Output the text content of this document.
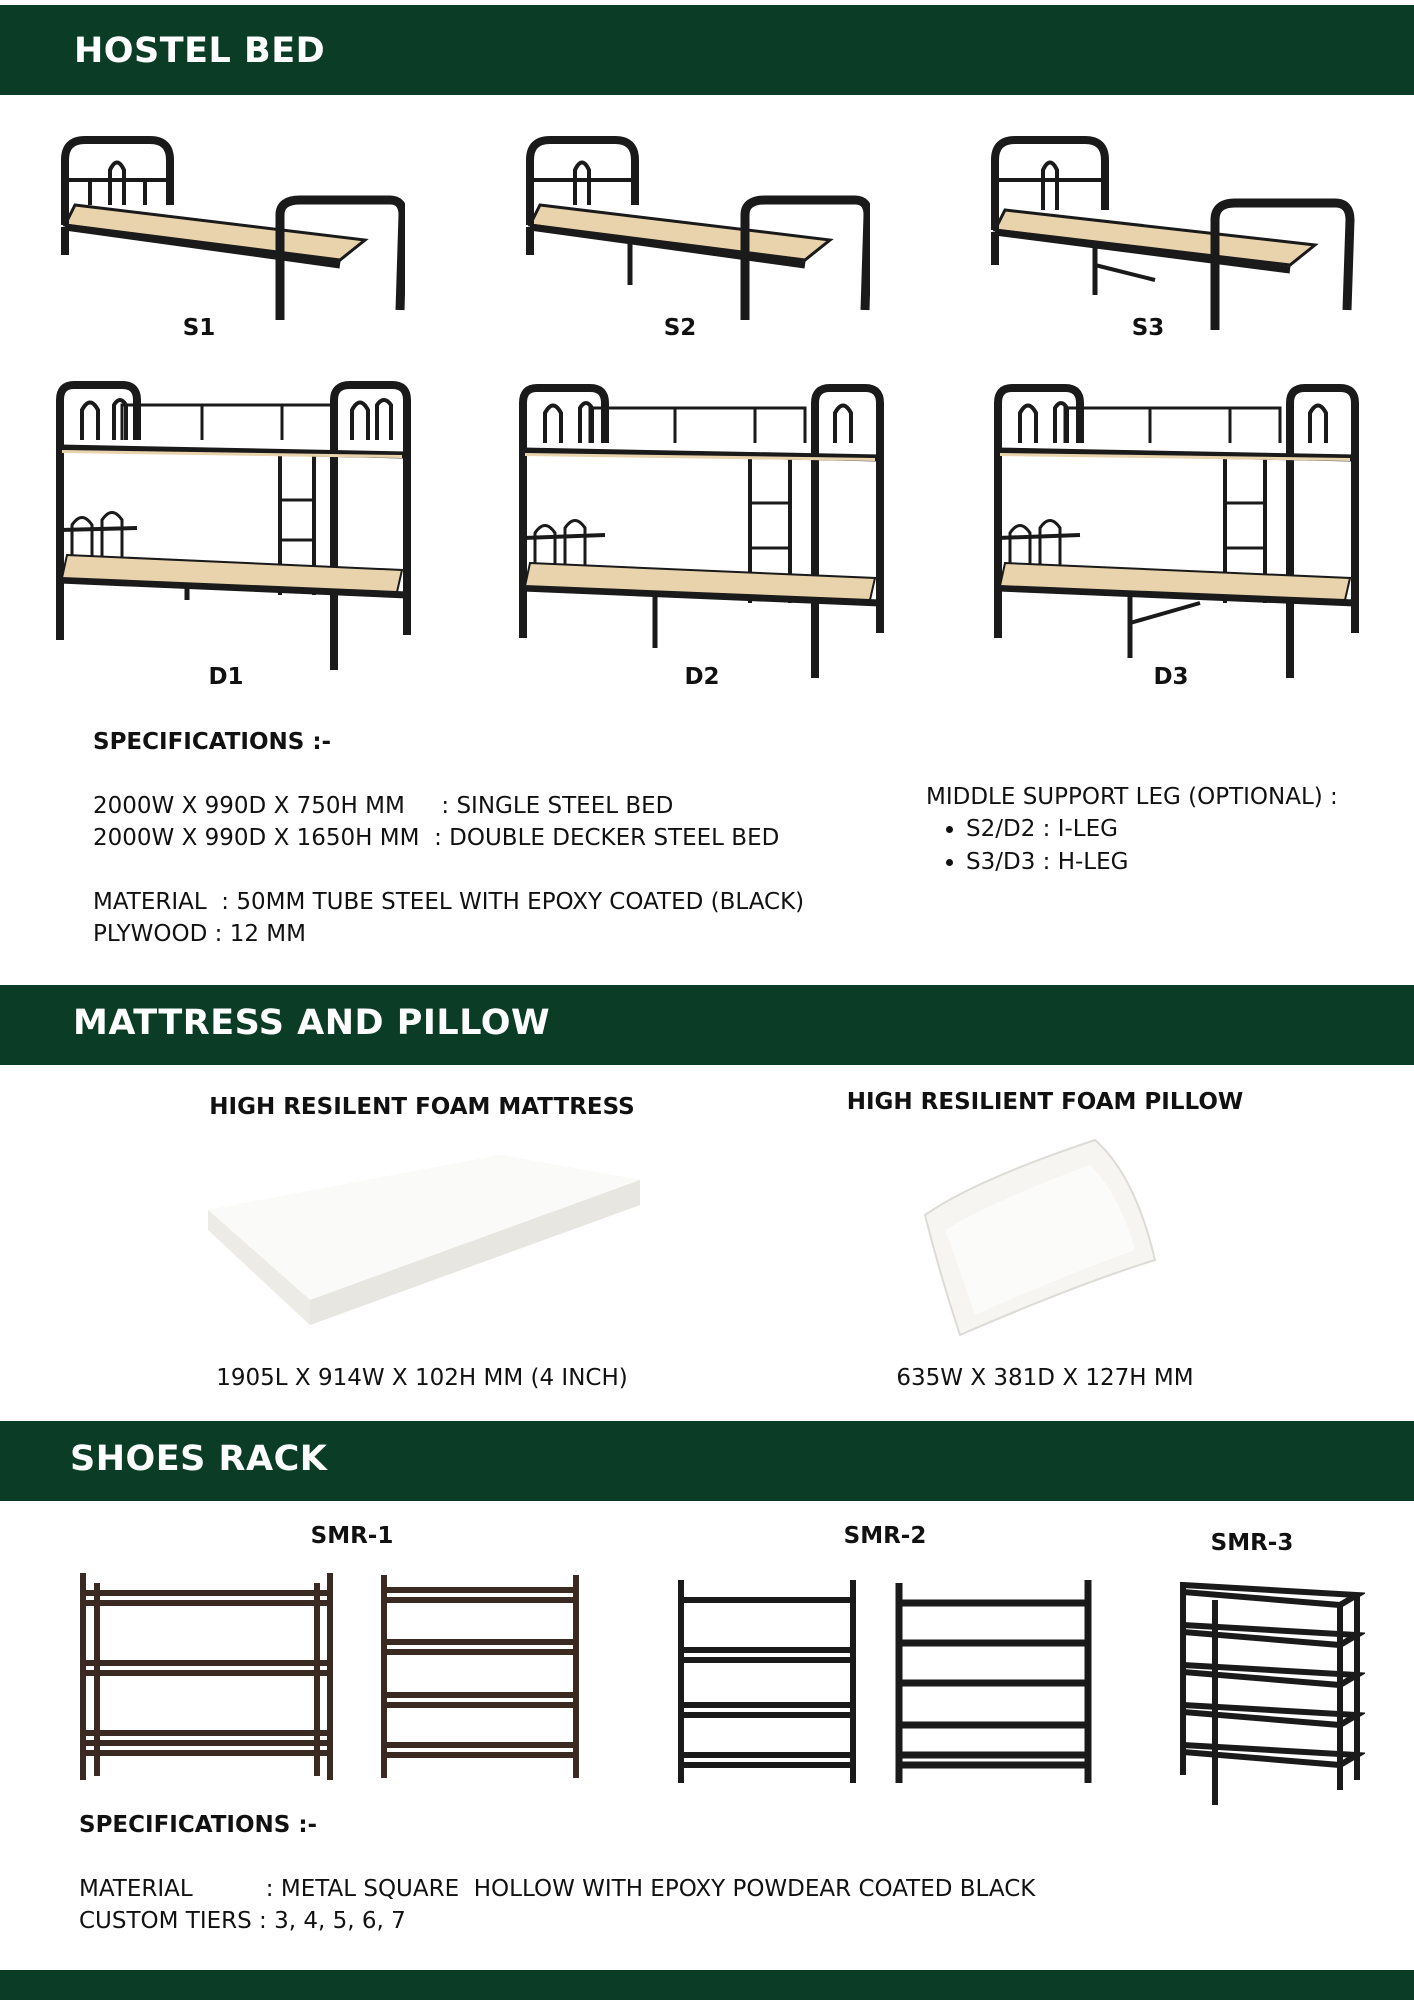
HOSTEL BED
S1	S2	S3
D1	D2	D3
SPECIFICATIONS :-
2000W X 990D X 750H MM     : SINGLE STEEL BED
2000W X 990D X 1650H MM  : DOUBLE DECKER STEEL BED
MATERIAL  : 50MM TUBE STEEL WITH EPOXY COATED (BLACK)
PLYWOOD : 12 MM
MIDDLE SUPPORT LEG (OPTIONAL) :
• S2/D2 : I-LEG
• S3/D3 : H-LEG
MATTRESS AND PILLOW
HIGH RESILENT FOAM MATTRESS
1905L X 914W X 102H MM (4 INCH)
HIGH RESILIENT FOAM PILLOW
635W X 381D X 127H MM
SHOES RACK
SMR-1	SMR-2	SMR-3
SPECIFICATIONS :-
MATERIAL          : METAL SQUARE  HOLLOW WITH EPOXY POWDEAR COATED BLACK
CUSTOM TIERS : 3, 4, 5, 6, 7
